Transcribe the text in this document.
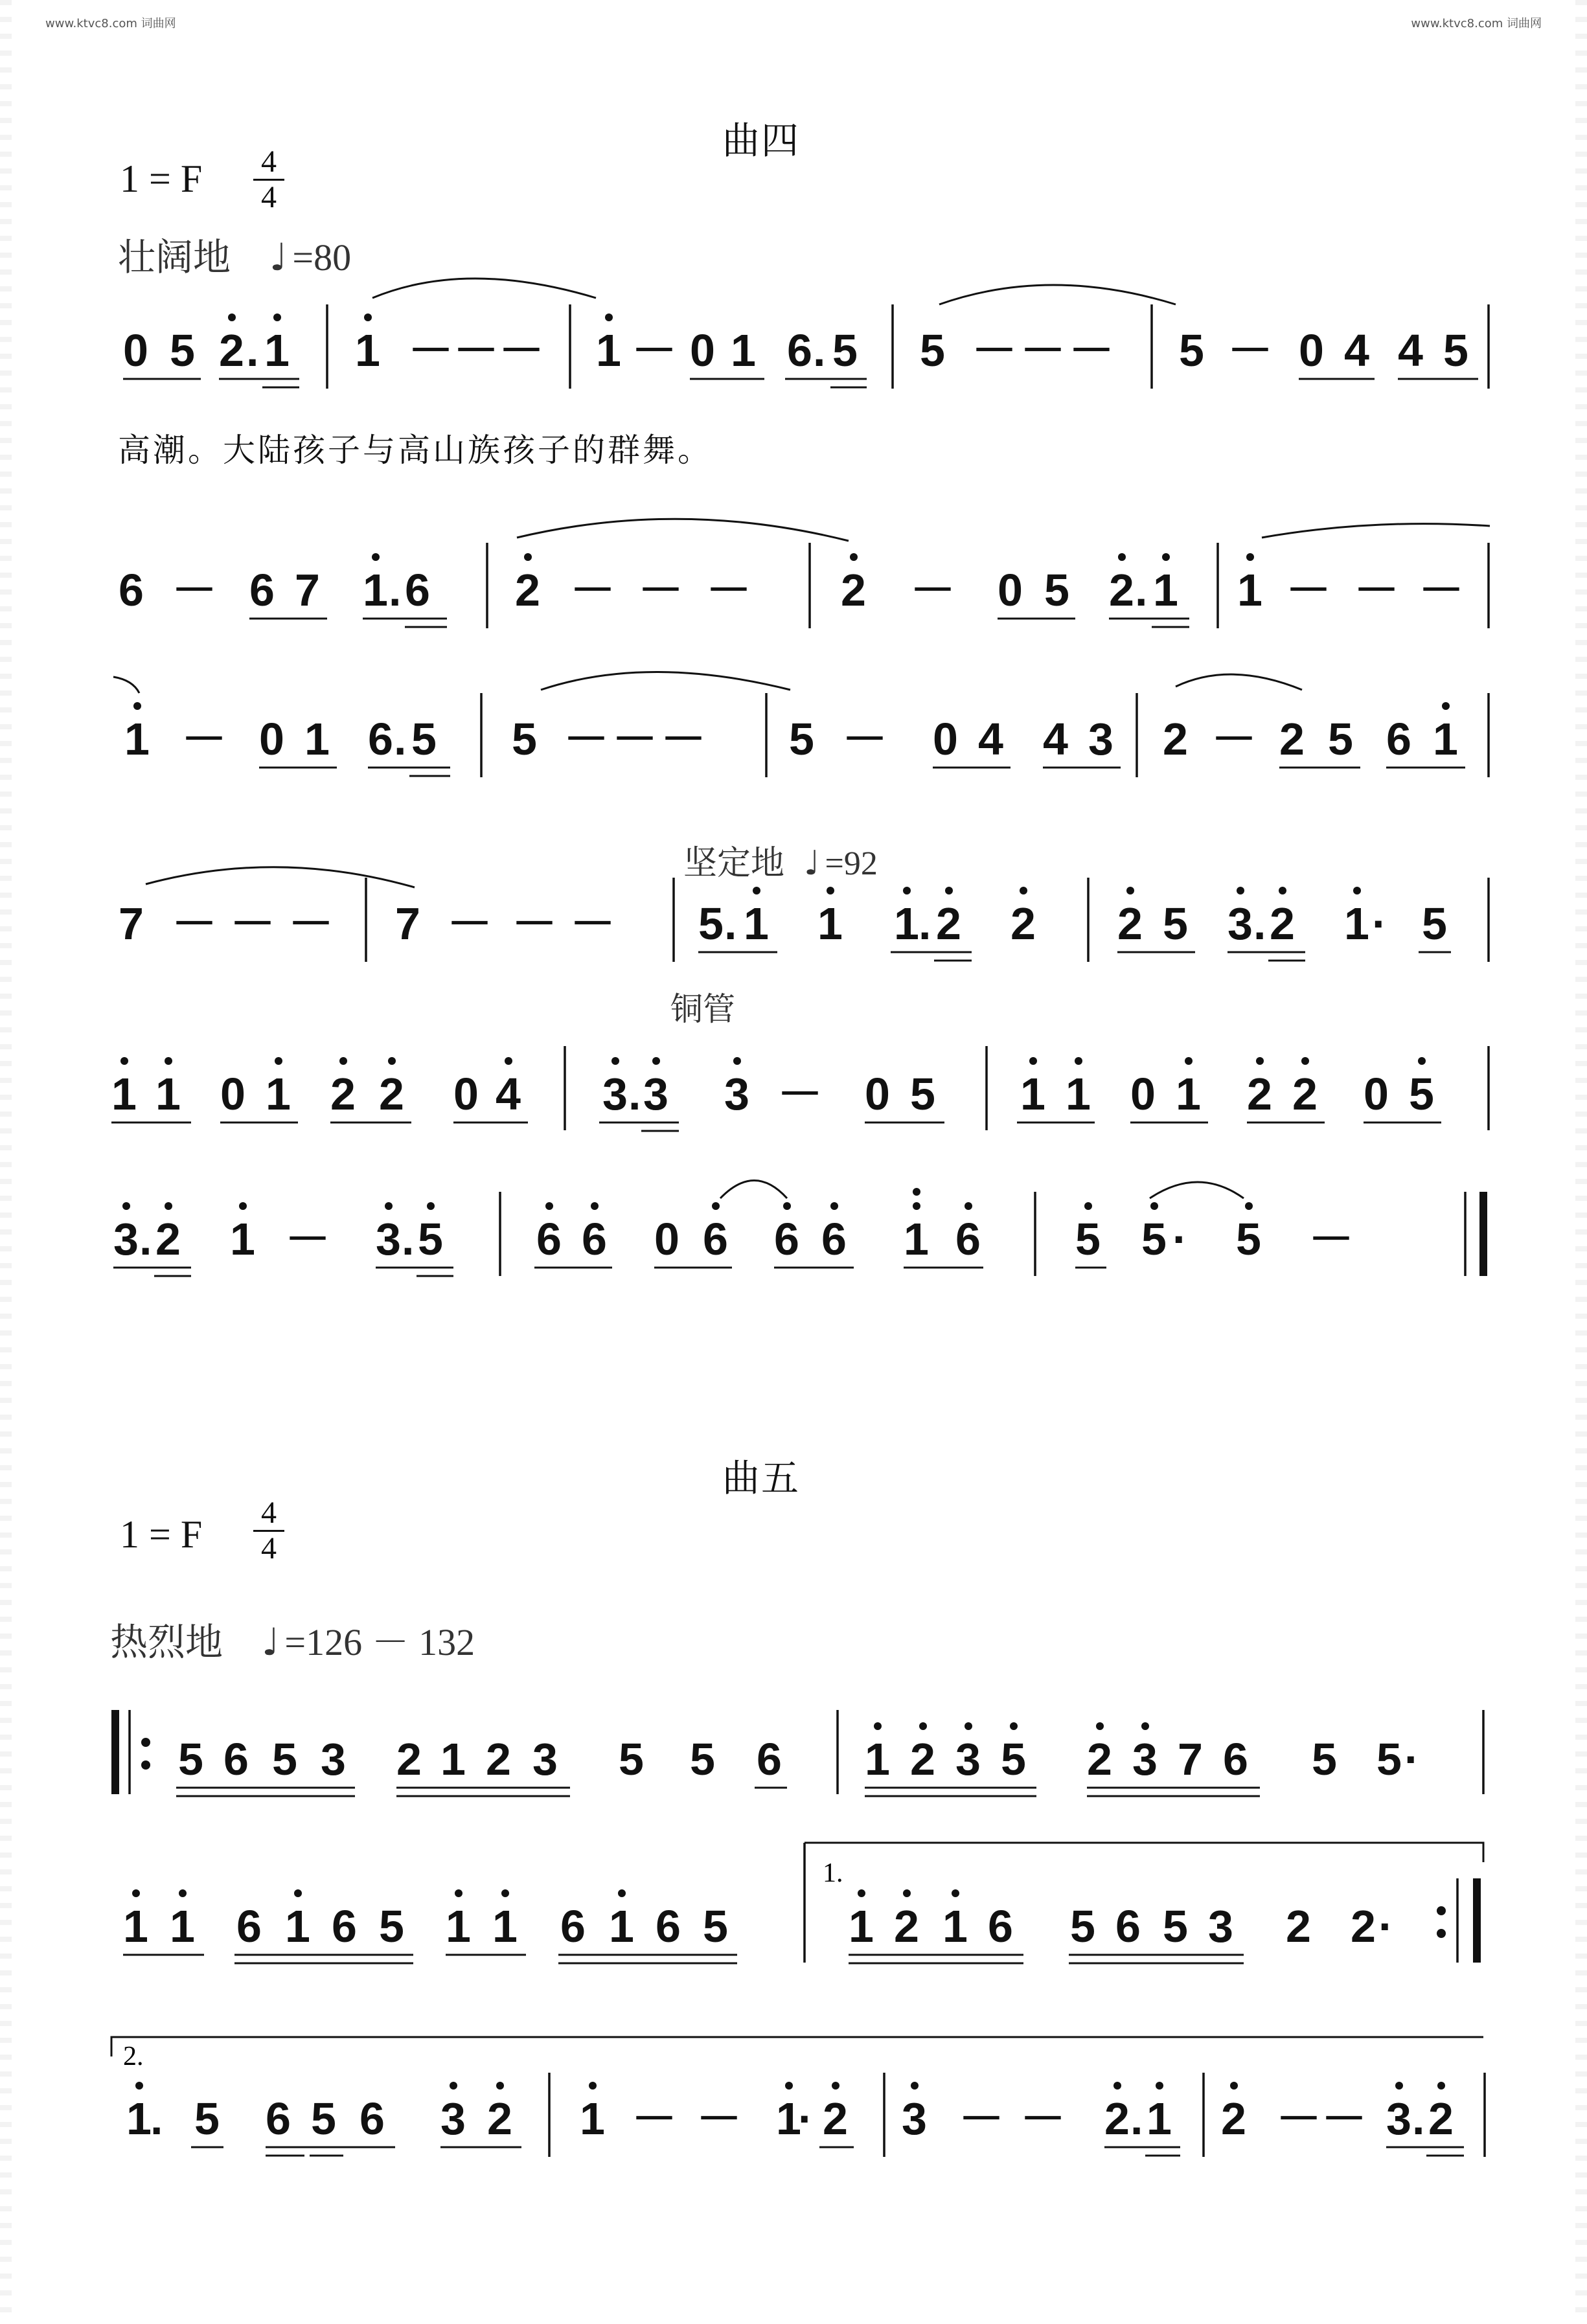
www.ktvc8.com 词曲网	www.ktvc8.com 词曲网
曲四
1 = F	4
4
壮阔地 ♩ =80
高潮。大陆孩子与高山族孩子的群舞。
坚定地 ♩ =92
铜管
曲五
1 = F
4
4
热烈地 ♩ =126 － 132
0 5 2 . 1 1 － － － 1 － 0 1 6 . 5 5 － － － 5 － 0 4 4 5
6 － 6 7 1 . 6 2 － － － 2 － 0 5 2 . 1 1 － － －
1 － 0 1 6 . 5 5 － － － 5 － 0 4 4 3 2 － 2 5 6 1
7 － － － 7 － － － 5 . 1 1 1 . 2 2 2 5 3 . 2 1 · 5
1 1 0 1 2 2 0 4 3 . 3 3 － 0 5 1 1 0 1 2 2 0 5
3 . 2 1 － 3 . 5 6 6 0 6 6 6 1 6 5 5 · 5 －
5 6 5 3 2 1 2 3 5 5 6 1 2 3 5 2 3 7 6 5 5 ·
1 1 6 1 6 5 1 1 6 1 6 5
1.
1 2 1 6 5 6 5 3 2 2 ·
2.
1
. 5 6 5 6 3 2 1 － － 1
· 2 3 － － 2 . 1 2 － － 3 . 2
